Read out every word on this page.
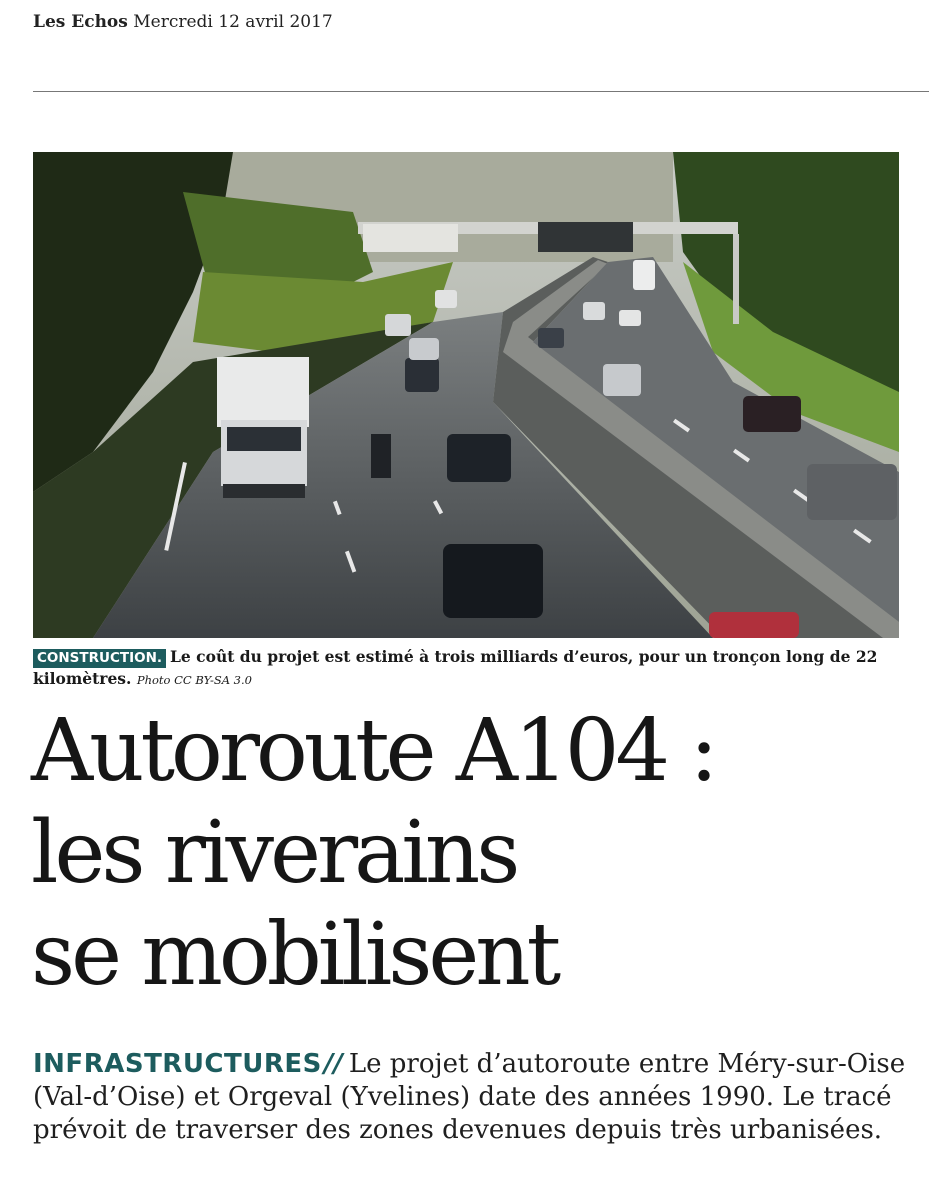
Les Echos Mercredi 12 avril 2017
CONSTRUCTION. Le coût du projet est estimé à trois milliards d’euros, pour un tronçon long de 22 kilomètres. Photo CC BY-SA 3.0
Autoroute A104 :
les riverains
se mobilisent
INFRASTRUCTURES// Le projet d’autoroute entre Méry-sur-Oise (Val-d’Oise) et Orgeval (Yvelines) date des années 1990. Le tracé prévoit de traverser des zones devenues depuis très urbanisées.
